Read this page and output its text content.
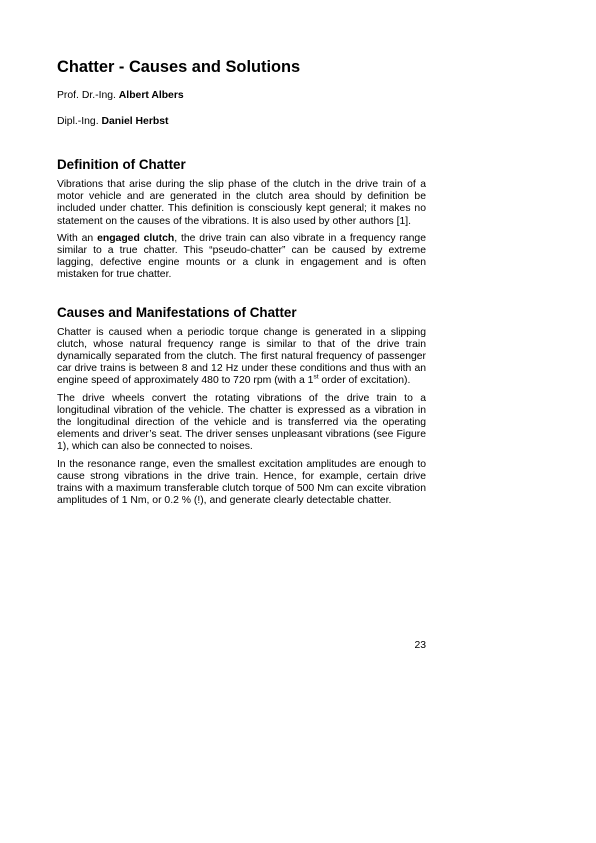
Chatter - Causes and Solutions

Prof. Dr.-Ing. Albert Albers

Dipl.-Ing. Daniel Herbst

Definition of Chatter

Vibrations that arise during the slip phase of the clutch in the drive train of a motor vehicle and are generated in the clutch area should by definition be included under chatter. This definition is consciously kept general; it makes no statement on the causes of the vibrations. It is also used by other authors [1].

With an engaged clutch, the drive train can also vibrate in a frequency range similar to a true chatter. This “pseudo-chatter” can be caused by extreme lagging, defective engine mounts or a clunk in engagement and is often mistaken for true chatter.

Causes and Manifestations of Chatter

Chatter is caused when a periodic torque change is generated in a slipping clutch, whose natural frequency range is similar to that of the drive train dynamically separated from the clutch. The first natural frequency of passenger car drive trains is between 8 and 12 Hz under these conditions and thus with an engine speed of approximately 480 to 720 rpm (with a 1st order of excitation).

The drive wheels convert the rotating vibrations of the drive train to a longitudinal vibration of the vehicle. The chatter is expressed as a vibration in the longitudinal direction of the vehicle and is transferred via the operating elements and driver’s seat. The driver senses unpleasant vibrations (see Figure 1), which can also be connected to noises.

In the resonance range, even the smallest excitation amplitudes are enough to cause strong vibrations in the drive train. Hence, for example, certain drive trains with a maximum transferable clutch torque of 500 Nm can excite vibration amplitudes of 1 Nm, or 0.2 % (!), and generate clearly detectable chatter.

23
